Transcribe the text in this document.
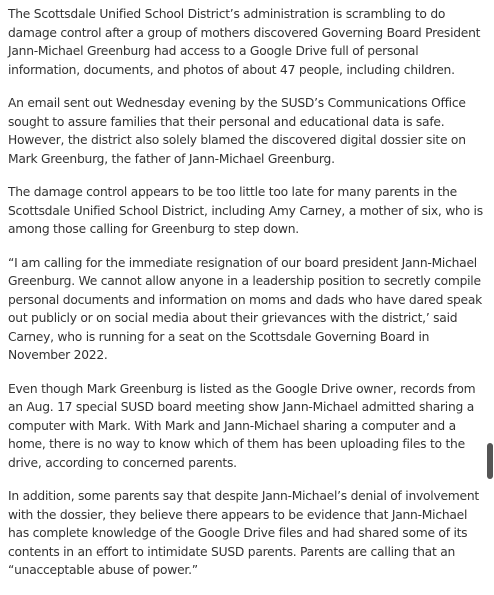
The Scottsdale Unified School District’s administration is scrambling to do damage control after a group of mothers discovered Governing Board President Jann-Michael Greenburg had access to a Google Drive full of personal information, documents, and photos of about 47 people, including children.

An email sent out Wednesday evening by the SUSD’s Communications Office sought to assure families that their personal and educational data is safe. However, the district also solely blamed the discovered digital dossier site on Mark Greenburg, the father of Jann-Michael Greenburg.

The damage control appears to be too little too late for many parents in the Scottsdale Unified School District, including Amy Carney, a mother of six, who is among those calling for Greenburg to step down.

“I am calling for the immediate resignation of our board president Jann-Michael Greenburg. We cannot allow anyone in a leadership position to secretly compile personal documents and information on moms and dads who have dared speak out publicly or on social media about their grievances with the district,’ said Carney, who is running for a seat on the Scottsdale Governing Board in November 2022.

Even though Mark Greenburg is listed as the Google Drive owner, records from an Aug. 17 special SUSD board meeting show Jann-Michael admitted sharing a computer with Mark. With Mark and Jann-Michael sharing a computer and a home, there is no way to know which of them has been uploading files to the drive, according to concerned parents.

In addition, some parents say that despite Jann-Michael’s denial of involvement with the dossier, they believe there appears to be evidence that Jann-Michael has complete knowledge of the Google Drive files and had shared some of its contents in an effort to intimidate SUSD parents. Parents are calling that an “unacceptable abuse of power.”
